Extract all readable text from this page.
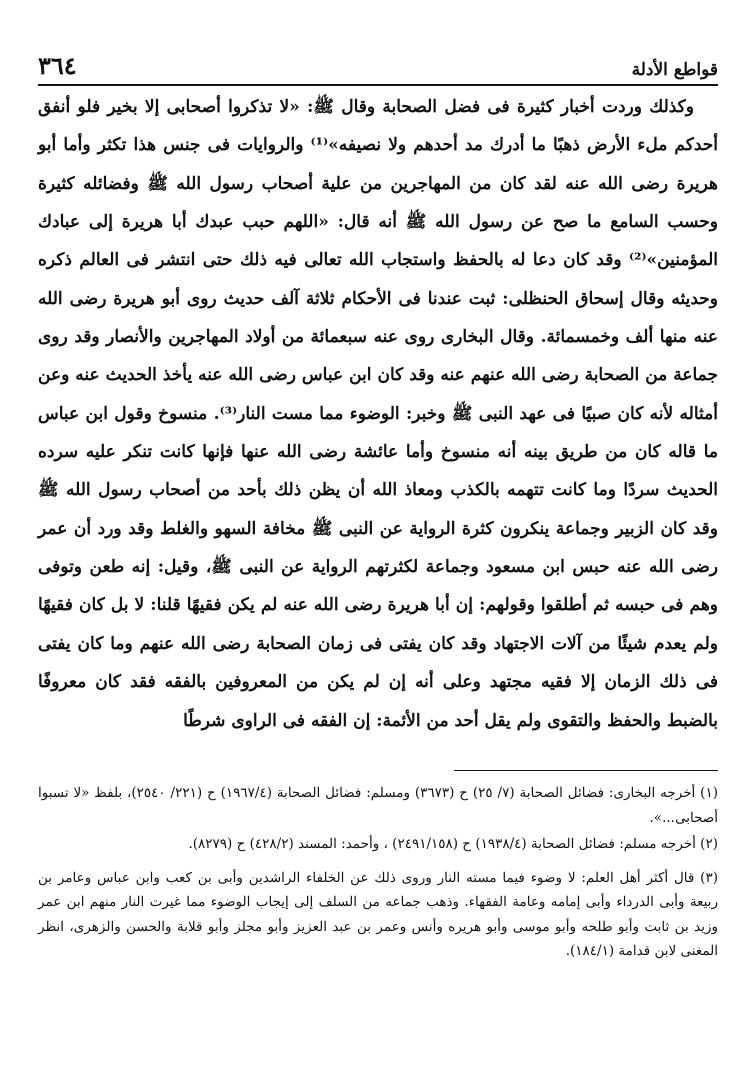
٣٦٤	قواطع الأدلة

وكذلك وردت أخبار كثيرة فى فضل الصحابة وقال ﷺ: «لا تذكروا أصحابى إلا بخير فلو أنفق أحدكم ملء الأرض ذهبًا ما أدرك مد أحدهم ولا نصيفه»⁽¹⁾ والروايات فى جنس هذا تكثر وأما أبو هريرة رضى الله عنه لقد كان من المهاجرين من علية أصحاب رسول الله ﷺ وفضائله كثيرة وحسب السامع ما صح عن رسول الله ﷺ أنه قال: «اللهم حبب عبدك أبا هريرة إلى عبادك المؤمنين»⁽²⁾ وقد كان دعا له بالحفظ واستجاب الله تعالى فيه ذلك حتى انتشر فى العالم ذكره وحديثه وقال إسحاق الحنظلى: ثبت عندنا فى الأحكام ثلاثة آلف حديث روى أبو هريرة رضى الله عنه منها ألف وخمسمائة. وقال البخارى روى عنه سبعمائة من أولاد المهاجرين والأنصار وقد روى جماعة من الصحابة رضى الله عنهم عنه وقد كان ابن عباس رضى الله عنه يأخذ الحديث عنه وعن أمثاله لأنه كان صبيًا فى عهد النبى ﷺ وخبر: الوضوء مما مست النار⁽³⁾. منسوخ وقول ابن عباس ما قاله كان من طريق بينه أنه منسوخ وأما عائشة رضى الله عنها فإنها كانت تنكر عليه سرده الحديث سردًا وما كانت تتهمه بالكذب ومعاذ الله أن يظن ذلك بأحد من أصحاب رسول الله ﷺ وقد كان الزبير وجماعة ينكرون كثرة الرواية عن النبى ﷺ مخافة السهو والغلط وقد ورد أن عمر رضى الله عنه حبس ابن مسعود وجماعة لكثرتهم الرواية عن النبى ﷺ، وقيل: إنه طعن وتوفى وهم فى حبسه ثم أطلقوا وقولهم: إن أبا هريرة رضى الله عنه لم يكن فقيهًا قلنا: لا بل كان فقيهًا ولم يعدم شيئًا من آلات الاجتهاد وقد كان يفتى فى زمان الصحابة رضى الله عنهم وما كان يفتى فى ذلك الزمان إلا فقيه مجتهد وعلى أنه إن لم يكن من المعروفين بالفقه فقد كان معروفًا بالضبط والحفظ والتقوى ولم يقل أحد من الأئمة: إن الفقه فى الراوى شرطًا

(١) أخرجه البخارى: فضائل الصحابة (٧/ ٢٥) ح (٣٦٧٣) ومسلم: فضائل الصحابة (١٩٦٧/٤) ح (٢٢١/ ٢٥٤٠)، بلفظ «لا تسبوا أصحابى...».

(٢) أخرجه مسلم: فضائل الصحابة (١٩٣٨/٤) ح (٢٤٩١/١٥٨) ، وأحمد: المسند (٤٢٨/٢) ح (٨٢٧٩).

(٣) قال أكثر أهل العلم: لا وضوء فيما مسته النار وروى ذلك عن الخلفاء الراشدين وأبى بن كعب وابن عباس وعامر بن ربيعة وأبى الدرداء وأبى إمامه وعامة الفقهاء. وذهب جماعه من السلف إلى إيجاب الوضوء مما غيرت النار منهم ابن عمر وزيد بن ثابت وأبو طلحه وأبو موسى وأبو هريره وأنس وعمر بن عبد العزيز وأبو مجلز وأبو قلابة والحسن والزهرى، انظر المغنى لابن قدامة (١٨٤/١).
